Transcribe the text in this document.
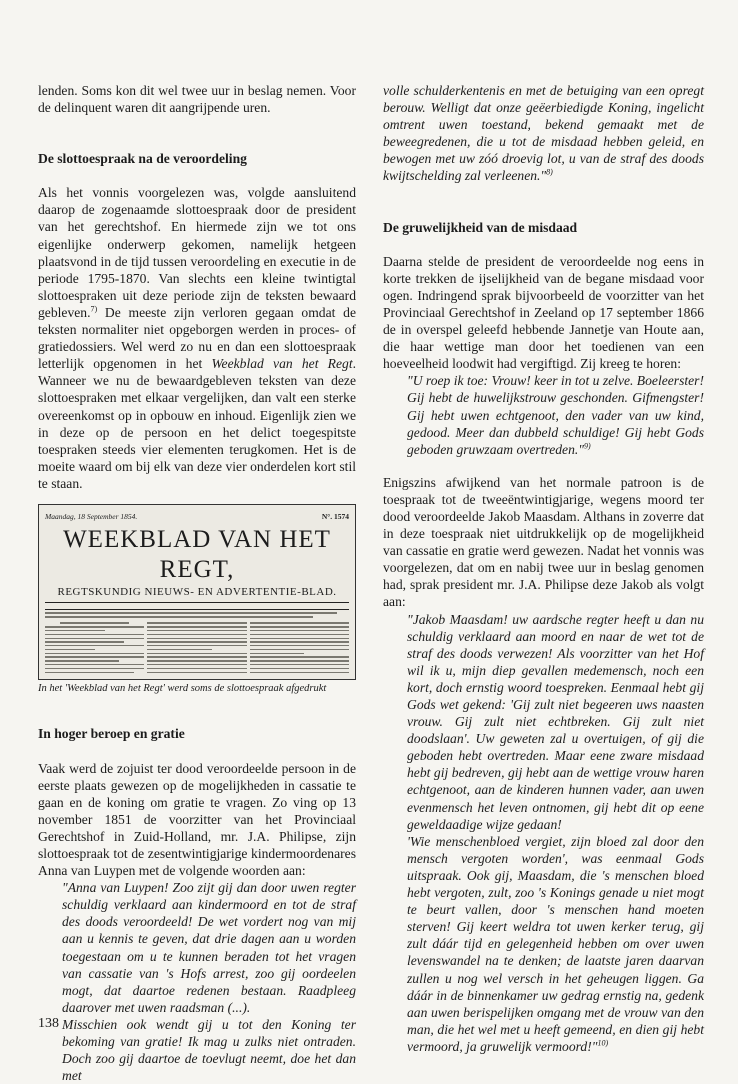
lenden. Soms kon dit wel twee uur in beslag nemen. Voor de delinquent waren dit aangrijpende uren.

De slottoespraak na de veroordeling

Als het vonnis voorgelezen was, volgde aansluitend daarop de zogenaamde slottoespraak door de president van het gerechtshof. En hiermede zijn we tot ons eigenlijke onderwerp gekomen, namelijk hetgeen plaatsvond in de tijd tussen veroordeling en executie in de periode 1795-1870. Van slechts een kleine twintigtal slottoespraken uit deze periode zijn de teksten bewaard gebleven.$^{7)}$ De meeste zijn verloren gegaan omdat de teksten normaliter niet opgeborgen werden in proces- of gratiedossiers. Wel werd zo nu en dan een slottoespraak letterlijk opgenomen in het Weekblad van het Regt. Wanneer we nu de bewaardgebleven teksten van deze slottoespraken met elkaar vergelijken, dan valt een sterke overeenkomst op in opbouw en inhoud. Eigenlijk zien we in deze op de persoon en het delict toegespitste toespraken steeds vier elementen terugkomen. Het is de moeite waard om bij elk van deze vier onderdelen kort stil te staan.

Maandag, 18 September 1854.	N°. 1574
WEEKBLAD VAN HET REGT,
REGTSKUNDIG NIEUWS- EN ADVERTENTIE-BLAD.

In het 'Weekblad van het Regt' werd soms de slottoespraak afgedrukt

In hoger beroep en gratie

Vaak werd de zojuist ter dood veroordeelde persoon in de eerste plaats gewezen op de mogelijkheden in cassatie te gaan en de koning om gratie te vragen. Zo ving op 13 november 1851 de voorzitter van het Provinciaal Gerechtshof in Zuid-Holland, mr. J.A. Philipse, zijn slottoespraak tot de zesentwintigjarige kindermoordenares Anna van Luypen met de volgende woorden aan:

"Anna van Luypen! Zoo zijt gij dan door uwen regter schuldig verklaard aan kindermoord en tot de straf des doods veroordeeld! De wet vordert nog van mij aan u kennis te geven, dat drie dagen aan u worden toegestaan om u te kunnen beraden tot het vragen van cassatie van 's Hofs arrest, zoo gij oordeelen mogt, dat daartoe redenen bestaan. Raadpleeg daarover met uwen raadsman (...).

Misschien ook wendt gij u tot den Koning ter bekoming van gratie! Ik mag u zulks niet ontraden. Doch zoo gij daartoe de toevlugt neemt, doe het dan met

volle schulderkentenis en met de betuiging van een opregt berouw. Welligt dat onze geëerbiedigde Koning, ingelicht omtrent uwen toestand, bekend gemaakt met de beweegredenen, die u tot de misdaad hebben geleid, en bewogen met uw zóó droevig lot, u van de straf des doods kwijtschelding zal verleenen."$^{8)}$

De gruwelijkheid van de misdaad

Daarna stelde de president de veroordeelde nog eens in korte trekken de ijselijkheid van de begane misdaad voor ogen. Indringend sprak bijvoorbeeld de voorzitter van het Provinciaal Gerechtshof in Zeeland op 17 september 1866 de in overspel geleefd hebbende Jannetje van Houte aan, die haar wettige man door het toedienen van een hoeveelheid loodwit had vergiftigd. Zij kreeg te horen:

"U roep ik toe: Vrouw! keer in tot u zelve. Boeleerster! Gij hebt de huwelijkstrouw geschonden. Gifmengster! Gij hebt uwen echtgenoot, den vader van uw kind, gedood. Meer dan dubbeld schuldige! Gij hebt Gods geboden gruwzaam overtreden."$^{9)}$

Enigszins afwijkend van het normale patroon is de toespraak tot de tweeëntwintigjarige, wegens moord ter dood veroordeelde Jakob Maasdam. Althans in zoverre dat in deze toespraak niet uitdrukkelijk op de mogelijkheid van cassatie en gratie werd gewezen. Nadat het vonnis was voorgelezen, dat om en nabij twee uur in beslag genomen had, sprak president mr. J.A. Philipse deze Jakob als volgt aan:

"Jakob Maasdam! uw aardsche regter heeft u dan nu schuldig verklaard aan moord en naar de wet tot de straf des doods verwezen! Als voorzitter van het Hof wil ik u, mijn diep gevallen medemensch, noch een kort, doch ernstig woord toespreken. Eenmaal hebt gij Gods wet gekend: 'Gij zult niet begeeren uws naasten vrouw. Gij zult niet echtbreken. Gij zult niet doodslaan'. Uw geweten zal u overtuigen, of gij die geboden hebt overtreden. Maar eene zware misdaad hebt gij bedreven, gij hebt aan de wettige vrouw haren echtgenoot, aan de kinderen hunnen vader, aan uwen evenmensch het leven ontnomen, gij hebt dit op eene geweldaadige wijze gedaan!

'Wie menschenbloed vergiet, zijn bloed zal door den mensch vergoten worden', was eenmaal Gods uitspraak. Ook gij, Maasdam, die 's menschen bloed hebt vergoten, zult, zoo 's Konings genade u niet mogt te beurt vallen, door 's menschen hand moeten sterven! Gij keert weldra tot uwen kerker terug, gij zult dáár tijd en gelegenheid hebben om over uwen levenswandel na te denken; de laatste jaren daarvan zullen u nog wel versch in het geheugen liggen. Ga dáár in de binnenkamer uw gedrag ernstig na, gedenk aan uwen berispelijken omgang met de vrouw van den man, die het wel met u heeft gemeend, en dien gij hebt vermoord, ja gruwelijk vermoord!"$^{10)}$

138
